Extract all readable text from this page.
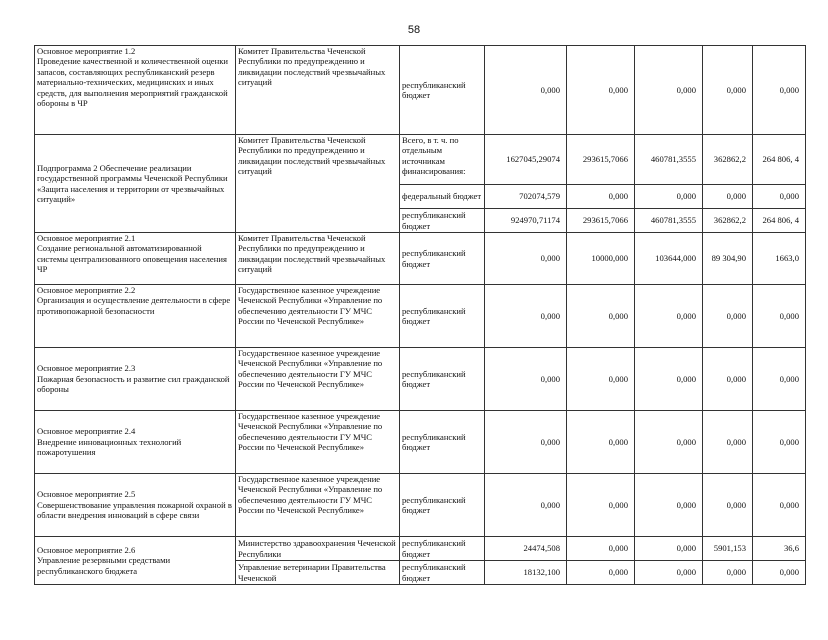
58
Основное мероприятие 1.2
Проведение качественной и количественной оценки запасов, составляющих республиканский резерв материально-технических, медицинских и иных средств, для выполнения мероприятий гражданской обороны в ЧР	Комитет Правительства Чеченской Республики по предупреждению и ликвидации последствий чрезвычайных ситуаций	республиканский бюджет	0,000	0,000	0,000	0,000	0,000
Подпрограмма 2 Обеспечение реализации государственной программы Чеченской Республики «Защита населения и территории от чрезвычайных ситуаций»	Комитет Правительства Чеченской Республики по предупреждению и ликвидации последствий чрезвычайных ситуаций	Всего, в т. ч. по отдельным источникам финансирования:	1627045,29074	293615,7066	460781,3555	362862,2	264 806, 4
		федеральный бюджет	702074,579	0,000	0,000	0,000	0,000
		республиканский бюджет	924970,71174	293615,7066	460781,3555	362862,2	264 806, 4

Основное мероприятие 2.1
Создание региональной автоматизированной системы централизованного оповещения населения ЧР	Комитет Правительства Чеченской Республики по предупреждению и ликвидации последствий чрезвычайных ситуаций	республиканский бюджет	0,000	10000,000	103644,000	89 304,90	1663,0

Основное мероприятие 2.2
Организация и осуществление деятельности в сфере противопожарной безопасности	Государственное казенное учреждение Чеченской Республики «Управление по обеспечению деятельности ГУ МЧС России по Чеченской Республике»	республиканский бюджет	0,000	0,000	0,000	0,000	0,000

Основное мероприятие 2.3
Пожарная безопасность и развитие сил гражданской обороны	Государственное казенное учреждение Чеченской Республики «Управление по обеспечению деятельности ГУ МЧС России по Чеченской Республике»	республиканский бюджет	0,000	0,000	0,000	0,000	0,000

Основное мероприятие 2.4
Внедрение инновационных технологий пожаротушения	Государственное казенное учреждение Чеченской Республики «Управление по обеспечению деятельности ГУ МЧС России по Чеченской Республике»	республиканский бюджет	0,000	0,000	0,000	0,000	0,000

Основное мероприятие 2.5
Совершенствование управления пожарной охраной в области внедрения инноваций в сфере связи	Государственное казенное учреждение Чеченской Республики «Управление по обеспечению деятельности ГУ МЧС России по Чеченской Республике»	республиканский бюджет	0,000	0,000	0,000	0,000	0,000

Основное мероприятие 2.6
Управление резервными средствами республиканского бюджета	Министерство здравоохранения Чеченской Республики	республиканский бюджет	24474,508	0,000	0,000	5901,153	36,6
	Управление ветеринарии Правительства Чеченской	республиканский бюджет	18132,100	0,000	0,000	0,000	0,000
